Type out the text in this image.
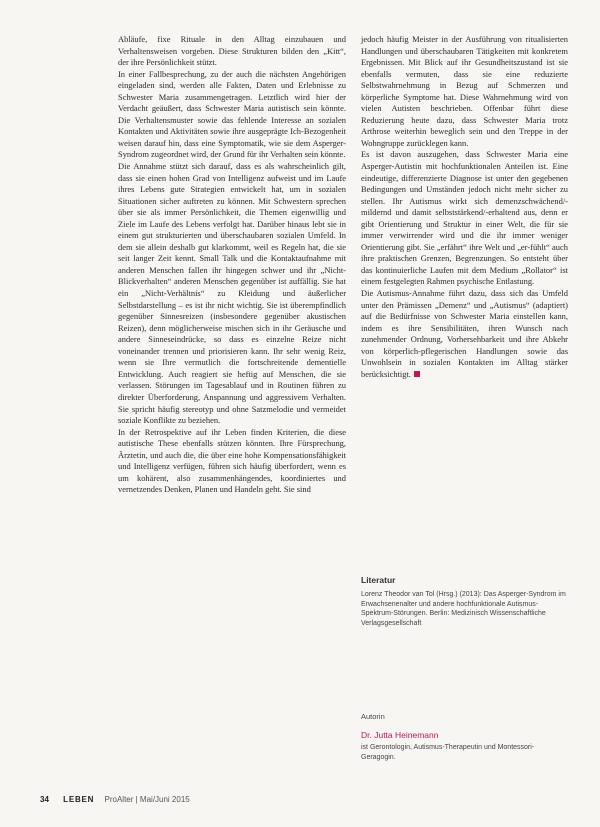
Abläufe, fixe Rituale in den Alltag einzubauen und Verhaltensweisen vorgeben. Diese Strukturen bilden den „Kitt“, der ihre Persönlichkeit stützt.

In einer Fallbesprechung, zu der auch die nächsten Angehörigen eingeladen sind, werden alle Fakten, Daten und Erlebnisse zu Schwester Maria zusammengetragen. Letztlich wird hier der Verdacht geäußert, dass Schwester Maria autistisch sein könnte. Die Verhaltensmuster sowie das fehlende Interesse an sozialen Kontakten und Aktivitäten sowie ihre ausgeprägte Ich-Bezogenheit weisen darauf hin, dass eine Symptomatik, wie sie dem Asperger-Syndrom zugeordnet wird, der Grund für ihr Verhalten sein könnte.

Die Annahme stützt sich darauf, dass es als wahrscheinlich gilt, dass sie einen hohen Grad von Intelligenz aufweist und im Laufe ihres Lebens gute Strategien entwickelt hat, um in sozialen Situationen sicher auftreten zu können. Mit Schwestern sprechen über sie als immer Persönlichkeit, die Themen eigenwillig und Ziele im Laufe des Lebens verfolgt hat. Darüber hinaus lebt sie in einem gut strukturierten und überschaubaren sozialen Umfeld. In dem sie allein deshalb gut klarkommt, weil es Regeln hat, die sie seit langer Zeit kennt. Small Talk und die Kontaktaufnahme mit anderen Menschen fallen ihr hingegen schwer und ihr „Nicht-Blickverhalten“ anderen Menschen gegenüber ist auffällig. Sie hat ein „Nicht-Verhältnis“ zu Kleidung und äußerlicher Selbstdarstellung – es ist ihr nicht wichtig. Sie ist überempfindlich gegenüber Sinnesreizen (insbesondere gegenüber akustischen Reizen), denn möglicherweise mischen sich in ihr Geräusche und andere Sinneseindrücke, so dass es einzelne Reize nicht voneinander trennen und priorisieren kann. Ihr sehr wenig Reiz, wenn sie Ihre vermutlich die fortschreitende dementielle Entwicklung. Auch reagiert sie heftig auf Menschen, die sie verlassen. Störungen im Tagesablauf und in Routinen führen zu direkter Überforderung, Anspannung und aggressivem Verhalten. Sie spricht häufig stereotyp und ohne Satzmelodie und vermeidet soziale Konflikte zu beziehen.

In der Retrospektive auf ihr Leben finden Kriterien, die diese autistische These ebenfalls stützen könnten. Ihre Fürsprechung, Ärztetin, und auch die, die über eine hohe Kompensationsfähigkeit und Intelligenz verfügen, führen sich häufig überfordert, wenn es um kohärent, also zusammenhängendes, koordiniertes und vernetzendes Denken, Planen und Handeln geht. Sie sind

jedoch häufig Meister in der Ausführung von ritualisierten Handlungen und überschaubaren Tätigkeiten mit konkretem Ergebnissen. Mit Blick auf ihr Gesundheitszustand ist sie ebenfalls vermuten, dass sie eine reduzierte Selbstwahrnehmung in Bezug auf Schmerzen und körperliche Symptome hat. Diese Wahrnehmung wird von vielen Autisten beschrieben. Offenbar führt diese Reduzierung heute dazu, dass Schwester Maria trotz Arthrose weiterhin beweglich sein und den Treppe in der Wohngruppe zurücklegen kann.

Es ist davon auszugehen, dass Schwester Maria eine Asperger-Autistin mit hochfunktionalen Anteilen ist. Eine eindeutige, differenzierte Diagnose ist unter den gegebenen Bedingungen und Umständen jedoch nicht mehr sicher zu stellen. Ihr Autismus wirkt sich demenzschwächend/-mildernd und damit selbststärkend/-erhaltend aus, denn er gibt Orientierung und Struktur in einer Welt, die für sie immer verwirrender wird und die ihr immer weniger Orientierung gibt. Sie „erfährt“ ihre Welt und „er-fühlt“ auch ihre praktischen Grenzen, Begrenzungen. So entsteht über das kontinuierliche Laufen mit dem Medium „Rollator“ ist einem festgelegten Rahmen psychische Entlastung.

Die Autismus-Annahme führt dazu, dass sich das Umfeld unter den Prämissen „Demenz“ und „Autismus“ (adaptiert) auf die Bedürfnisse von Schwester Maria einstellen kann, indem es ihre Sensibilitäten, ihren Wunsch nach zunehmender Ordnung, Vorhersehbarkeit und ihre Abkehr von körperlich-pflegerischen Handlungen sowie das Unwohlsein in sozialen Kontakten im Alltag stärker berücksichtigt.

Literatur
Lorenz Theodor van Tol (Hrsg.) (2013): Das Asperger-Syndrom im Erwachsenenalter und andere hochfunktionale Autismus-Spektrum-Störungen. Berlin: Medizinisch Wissenschaftliche Verlagsgesellschaft
Autorin
Dr. Jutta Heinemann
ist Gerontologin, Autismus-Therapeutin und Montessori-Geragogin.
34 LEBEN ProAlter | Mai/Juni 2015
